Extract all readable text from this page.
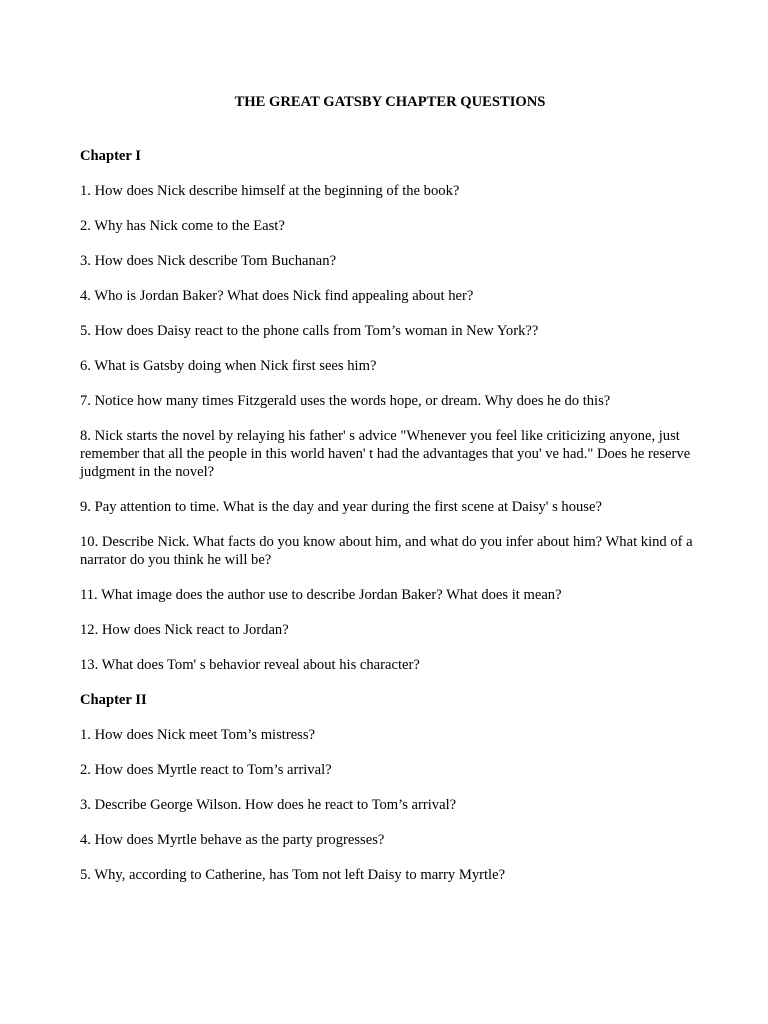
THE GREAT GATSBY CHAPTER QUESTIONS
Chapter I
1. How does Nick describe himself at the beginning of the book?
2. Why has Nick come to the East?
3. How does Nick describe Tom Buchanan?
4. Who is Jordan Baker? What does Nick find appealing about her?
5. How does Daisy react to the phone calls from Tom’s woman in New York??
6. What is Gatsby doing when Nick first sees him?
7. Notice how many times Fitzgerald uses the words hope, or dream. Why does he do this?
8. Nick starts the novel by relaying his father' s advice "Whenever you feel like criticizing anyone, just remember that all the people in this world haven' t had the advantages that you' ve had." Does he reserve judgment in the novel?
9. Pay attention to time. What is the day and year during the first scene at Daisy' s house?
10. Describe Nick. What facts do you know about him, and what do you infer about him? What kind of a narrator do you think he will be?
11. What image does the author use to describe Jordan Baker? What does it mean?
12. How does Nick react to Jordan?
13. What does Tom' s behavior reveal about his character?
Chapter II
1. How does Nick meet Tom’s mistress?
2. How does Myrtle react to Tom’s arrival?
3. Describe George Wilson. How does he react to Tom’s arrival?
4. How does Myrtle behave as the party progresses?
5. Why, according to Catherine, has Tom not left Daisy to marry Myrtle?
